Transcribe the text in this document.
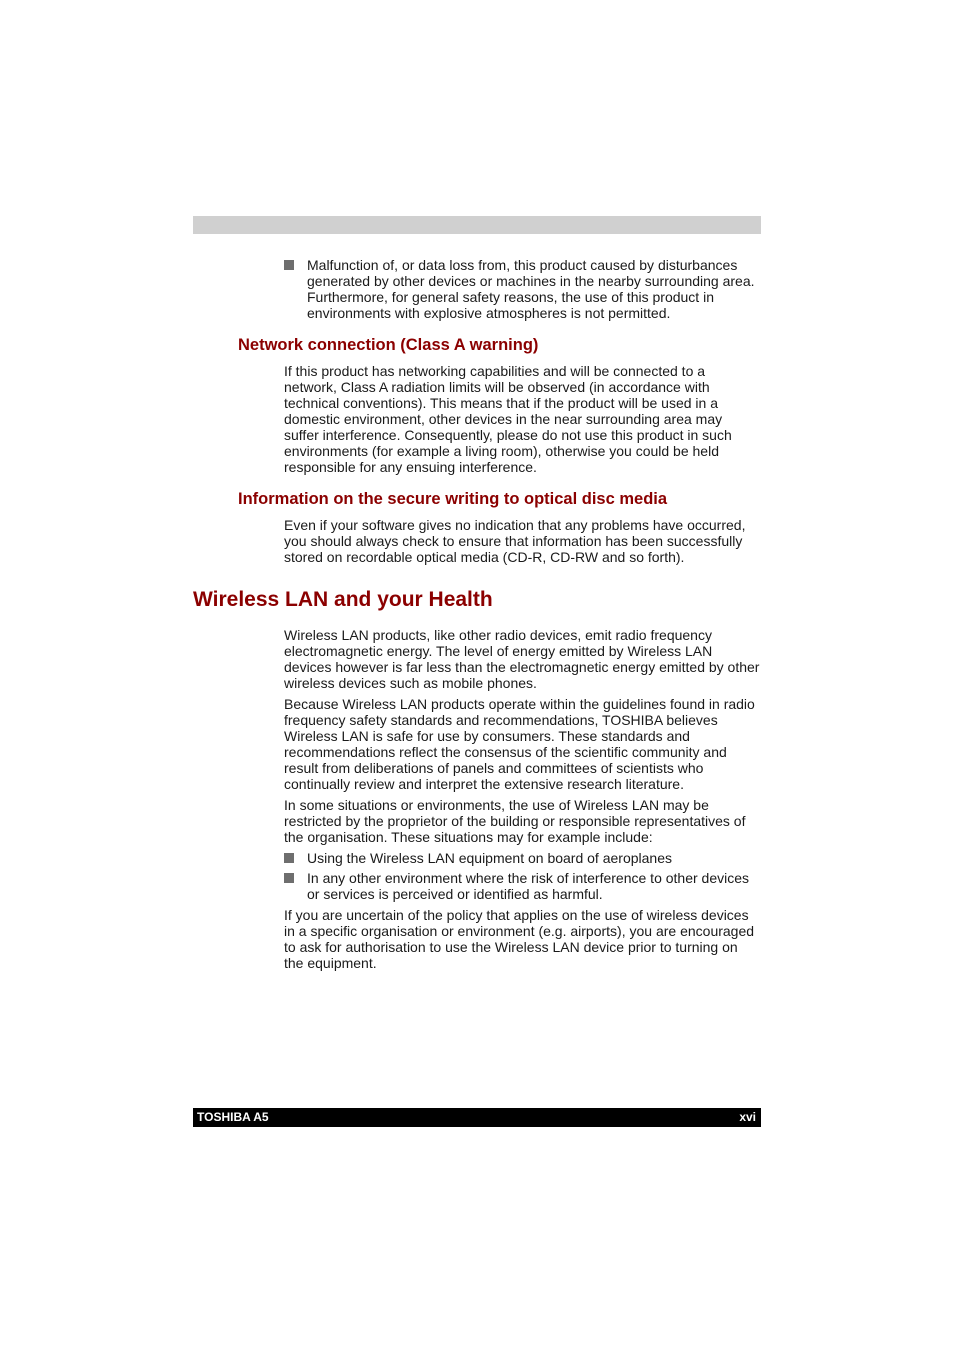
Malfunction of, or data loss from, this product caused by disturbances generated by other devices or machines in the nearby surrounding area. Furthermore, for general safety reasons, the use of this product in environments with explosive atmospheres is not permitted.
Network connection (Class A warning)

If this product has networking capabilities and will be connected to a network, Class A radiation limits will be observed (in accordance with technical conventions). This means that if the product will be used in a domestic environment, other devices in the near surrounding area may suffer interference. Consequently, please do not use this product in such environments (for example a living room), otherwise you could be held responsible for any ensuing interference.

Information on the secure writing to optical disc media

Even if your software gives no indication that any problems have occurred, you should always check to ensure that information has been successfully stored on recordable optical media (CD-R, CD-RW and so forth).

Wireless LAN and your Health

Wireless LAN products, like other radio devices, emit radio frequency electromagnetic energy. The level of energy emitted by Wireless LAN devices however is far less than the electromagnetic energy emitted by other wireless devices such as mobile phones.

Because Wireless LAN products operate within the guidelines found in radio frequency safety standards and recommendations, TOSHIBA believes Wireless LAN is safe for use by consumers. These standards and recommendations reflect the consensus of the scientific community and result from deliberations of panels and committees of scientists who continually review and interpret the extensive research literature.

In some situations or environments, the use of Wireless LAN may be restricted by the proprietor of the building or responsible representatives of the organisation. These situations may for example include:

Using the Wireless LAN equipment on board of aeroplanes
In any other environment where the risk of interference to other devices or services is perceived or identified as harmful.

If you are uncertain of the policy that applies on the use of wireless devices in a specific organisation or environment (e.g. airports), you are encouraged to ask for authorisation to use the Wireless LAN device prior to turning on the equipment.

TOSHIBA A5	xvi
